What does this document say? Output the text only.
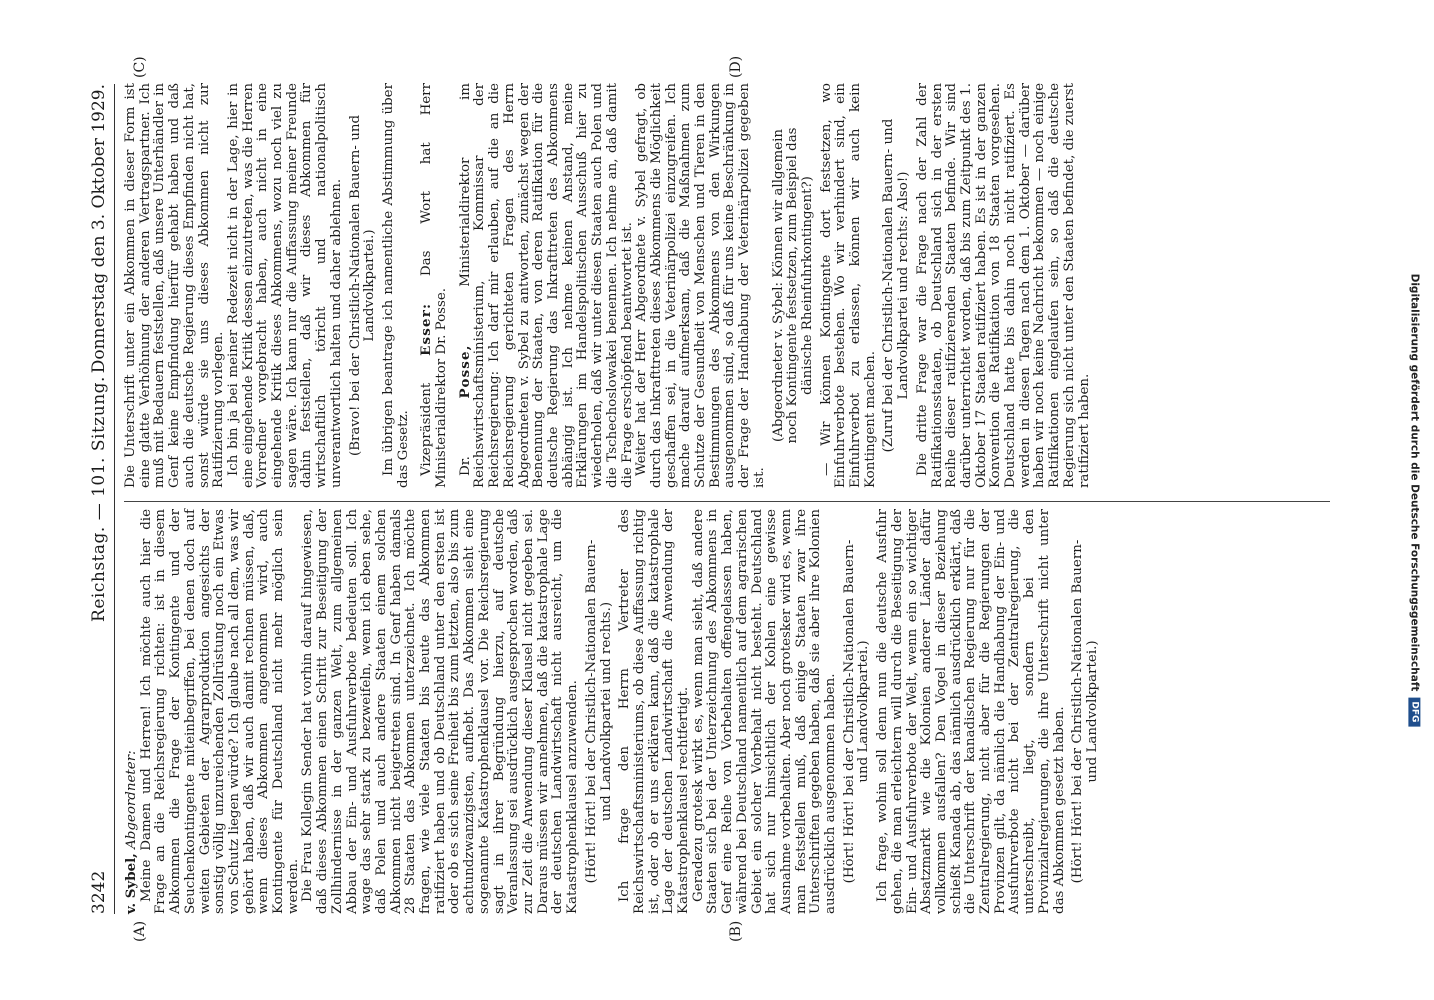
3242
Reichstag. — 101. Sitzung.
Donnerstag den 3. Oktober 1929.
(A)	(B)
(C)	(D)

v. Sybel, Abgeordneter: Meine Damen und Herren! Ich möchte auch hier die Frage an die Reichsregierung richten: ist in diesem Abkommen die Frage der Kontingente und der Seuchenkontingente miteinbegriffen, bei denen doch auf weiten Gebieten der Agrarproduktion angesichts der sonstig völlig unzureichenden Zollrüstung noch ein Etwas von Schutz liegen würde? Ich glaube nach all dem, was wir gehört haben, daß wir auch damit rechnen müssen, daß, wenn dieses Abkommen angenommen wird, auch Kontingente für Deutschland nicht mehr möglich sein werden. Die Frau Kollegin Sender hat vorhin darauf hingewiesen, daß dieses Abkommen einen Schritt zur Beseitigung der Zollhindernisse in der ganzen Welt, zum allgemeinen Abbau der Ein- und Ausfuhrverbote bedeuten soll. Ich wage das sehr stark zu bezweifeln, wenn ich eben sehe, daß Polen und auch andere Staaten einem solchen Abkommen nicht beigetreten sind. In Genf haben damals 28 Staaten das Abkommen unterzeichnet. Ich möchte fragen, wie viele Staaten bis heute das Abkommen ratifiziert haben und ob Deutschland unter den ersten ist oder ob es sich seine Freiheit bis zum letzten, also bis zum achtundzwanzigsten, aufhebt. Das Abkommen sieht eine sogenannte Katastrophenklausel vor. Die Reichsregierung sagt in ihrer Begründung hierzu, auf deutsche Veranlassung sei ausdrücklich ausgesprochen worden, daß zur Zeit die Anwendung dieser Klausel nicht gegeben sei. Daraus müssen wir annehmen, daß die katastrophale Lage der deutschen Landwirtschaft nicht ausreicht, um die Katastrophenklausel anzuwenden. (Hört! Hört! bei der Christlich-Nationalen Bauern- und Landvolkpartei und rechts.) Ich frage den Herrn Vertreter des Reichswirtschaftsministeriums, ob diese Auffassung richtig ist, oder ob er uns erklären kann, daß die katastrophale Lage der deutschen Landwirtschaft die Anwendung der Katastrophenklausel rechtfertigt. Geradezu grotesk wirkt es, wenn man sieht, daß andere Staaten sich bei der Unterzeichnung des Abkommens in Genf eine Reihe von Vorbehalten offengelassen haben, während bei Deutschland namentlich auf dem agrarischen Gebiet ein solcher Vorbehalt nicht besteht. Deutschland hat sich nur hinsichtlich der Kohlen eine gewisse Ausnahme vorbehalten. Aber noch grotesker wird es, wenn man feststellen muß, daß einige Staaten zwar ihre Unterschriften gegeben haben, daß sie aber ihre Kolonien ausdrücklich ausgenommen haben. (Hört! Hört! bei der Christlich-Nationalen Bauern- und Landvolkpartei.) Ich frage, wohin soll denn nun die deutsche Ausfuhr gehen, die man erleichtern will durch die Beseitigung der Ein- und Ausfuhrverbote der Welt, wenn ein so wichtiger Absatzmarkt wie die Kolonien anderer Länder dafür vollkommen ausfallen? Den Vogel in dieser Beziehung schießt Kanada ab, das nämlich ausdrücklich erklärt, daß die Unterschrift der kanadischen Regierung nur für die Zentralregierung, nicht aber für die Regierungen der Provinzen gilt, da nämlich die Handhabung der Ein- und Ausfuhrverbote nicht bei der Zentralregierung, die unterschreibt, liegt, sondern bei den Provinzialregierungen, die ihre Unterschrift nicht unter das Abkommen gesetzt haben. (Hört! Hört! bei der Christlich-Nationalen Bauern- und Landvolkpartei.)

Die Unterschrift unter ein Abkommen in dieser Form ist eine glatte Verhöhnung der anderen Vertragspartner. Ich muß mit Bedauern feststellen, daß unsere Unterhändler in Genf keine Empfindung hierfür gehabt haben und daß auch die deutsche Regierung dieses Empfinden nicht hat, sonst würde sie uns dieses Abkommen nicht zur Ratifizierung vorlegen. Ich bin ja bei meiner Redezeit nicht in der Lage, hier in eine eingehende Kritik dessen einzutreten, was die Herren Vorredner vorgebracht haben, auch nicht in eine eingehende Kritik dieses Abkommens, wozu noch viel zu sagen wäre. Ich kann nur die Auffassung meiner Freunde dahin feststellen, daß wir dieses Abkommen für wirtschaftlich töricht und nationalpolitisch unverantwortlich halten und daher ablehnen. (Bravo! bei der Christlich-Nationalen Bauern- und Landvolkpartei.) Im übrigen beantrage ich namentliche Abstimmung über das Gesetz. Vizepräsident Esser: Das Wort hat Herr Ministerialdirektor Dr. Posse. Dr. Posse, Ministerialdirektor im Reichswirtschaftsministerium, Kommissar der Reichsregierung: Ich darf mir erlauben, auf die an die Reichsregierung gerichteten Fragen des Herrn Abgeordneten v. Sybel zu antworten, zunächst wegen der Benennung der Staaten, von deren Ratifikation für die deutsche Regierung das Inkrafttreten des Abkommens abhängig ist. Ich nehme keinen Anstand, meine Erklärungen im Handelspolitischen Ausschuß hier zu wiederholen, daß wir unter diesen Staaten auch Polen und die Tschechoslowakei benennen. Ich nehme an, daß damit die Frage erschöpfend beantwortet ist. Weiter hat der Herr Abgeordnete v. Sybel gefragt, ob durch das Inkrafttreten dieses Abkommens die Möglichkeit geschaffen sei, in die Veterinärpolizei einzugreifen. Ich mache darauf aufmerksam, daß die Maßnahmen zum Schutze der Gesundheit von Menschen und Tieren in den Bestimmungen des Abkommens von den Wirkungen ausgenommen sind, so daß für uns keine Beschränkung in der Frage der Handhabung der Veterinärpolizei gegeben ist.

(Abgeordneter v. Sybel: Können wir allgemein noch Kontingente festsetzen, zum Beispiel das dänische Rheinfuhrkontingent?) — Wir können Kontingente dort festsetzen, wo Einfuhrverbote bestehen. Wo wir verhindert sind, ein Einfuhrverbot zu erlassen, können wir auch kein Kontingent machen. (Zuruf bei der Christlich-Nationalen Bauern- und Landvolkpartei und rechts: Also!) Die dritte Frage war die Frage nach der Zahl der Ratifikationsstaaten, ob Deutschland sich in der ersten Reihe dieser ratifizierenden Staaten befinde. Wir sind darüber unterrichtet worden, daß bis zum Zeitpunkt des 1. Oktober 17 Staaten ratifiziert haben. Es ist in der ganzen Konvention die Ratifikation von 18 Staaten vorgesehen. Deutschland hatte bis dahin noch nicht ratifiziert. Es werden in diesen Tagen nach dem 1. Oktober — darüber haben wir noch keine Nachricht bekommen — noch einige Ratifikationen eingelaufen sein, so daß die deutsche Regierung sich nicht unter den Staaten befindet, die zuerst ratifiziert haben.	Digitalisierung gefördert durch die Deutsche Forschungsgemeinschaft
DFG
